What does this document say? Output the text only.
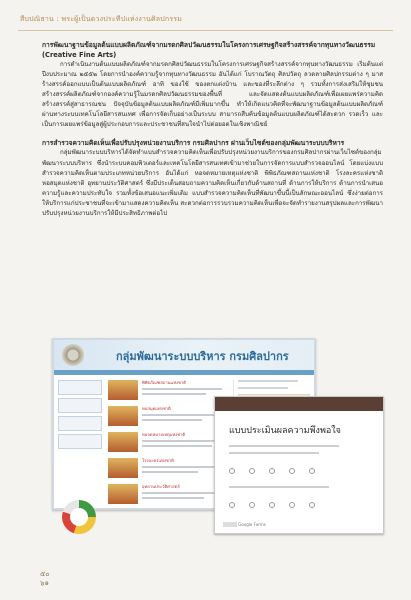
สืบปณิธาน : พระผู้เป็นดวงประทีปแห่งงานศิลปกรรม

การพัฒนาฐานข้อมูลต้นแบบผลิตภัณฑ์จากมรดกศิลปวัฒนธรรมในโครงการเศรษฐกิจสร้างสรรค์จากทุนทางวัฒนธรรม (Creative Fine Arts)

การดำเนินงานต้นแบบผลิตภัณฑ์จากมรดกศิลปวัฒนธรรมในโครงการเศรษฐกิจสร้างสรรค์จากทุนทางวัฒนธรรม เริ่มต้นแต่ปีงบประมาณ ๒๕๕๒ โดยการนำองค์ความรู้จากทุนทางวัฒนธรรม อันได้แก่ โบราณวัตถุ ศิลปวัตถุ ลวดลายศิลปกรรมต่าง ๆ มาสร้างสรรค์ออกแบบเป็นต้นแบบผลิตภัณฑ์ อาทิ ของใช้ ของตกแต่งบ้าน และของที่ระลึกต่าง ๆ รวมทั้งการส่งเสริมให้ชุมชนสร้างสรรค์ผลิตภัณฑ์จากองค์ความรู้ในมรดกศิลปวัฒนธรรมของพื้นที่ และจัดแสดงต้นแบบผลิตภัณฑ์เพื่อเผยแพร่ความคิดสร้างสรรค์สู่สาธารณชน ปัจจุบันข้อมูลต้นแบบผลิตภัณฑ์มีเพิ่มมากขึ้น ทำให้เกิดแนวคิดที่จะพัฒนาฐานข้อมูลต้นแบบผลิตภัณฑ์ผ่านทางระบบเทคโนโลยีสารสนเทศ เพื่อการจัดเก็บอย่างเป็นระบบ สามารถสืบค้นข้อมูลต้นแบบผลิตภัณฑ์ได้สะดวก รวดเร็ว และเป็นการเผยแพร่ข้อมูลสู่ผู้ประกอบการและประชาชนที่สนใจนำไปต่อยอดในเชิงพาณิชย์

การสำรวจความคิดเห็นเพื่อปรับปรุงหน่วยงานบริการ กรมศิลปากร ผ่านเว็บไซต์ของกลุ่มพัฒนาระบบบริหาร

กลุ่มพัฒนาระบบบริหารได้จัดทำแบบสำรวจความคิดเห็นเพื่อปรับปรุงหน่วยงานบริการของกรมศิลปากรผ่านเว็บไซต์ของกลุ่มพัฒนาระบบบริหาร ซึ่งนำระบบคอมพิวเตอร์และเทคโนโลยีสารสนเทศเข้ามาช่วยในการจัดการแบบสำรวจออนไลน์ โดยแบ่งแบบสำรวจความคิดเห็นตามประเภทหน่วยบริการ อันได้แก่ หอจดหมายเหตุแห่งชาติ พิพิธภัณฑสถานแห่งชาติ โรงละครแห่งชาติ หอสมุดแห่งชาติ อุทยานประวัติศาสตร์ ซึ่งมีประเด็นสอบถามความคิดเห็นเกี่ยวกับด้านสถานที่ ด้านการให้บริการ ด้านการนำเสนอความรู้และความประทับใจ รวมทั้งข้อเสนอแนะเพิ่มเติม แบบสำรวจความคิดเห็นที่พัฒนาขึ้นนี้เป็นลักษณะออนไลน์ ซึ่งง่ายต่อการให้บริการแก่ประชาชนที่จะเข้ามาแสดงความคิดเห็น สะดวกต่อการรวบรวมความคิดเห็นเพื่อจะจัดทำรายงานสรุปผลและการพัฒนาปรับปรุงหน่วยงานบริการให้มีประสิทธิภาพต่อไป

กลุ่มพัฒนาระบบบริหาร กรมศิลปากร
พิพิธภัณฑสถานแห่งชาติ
หอสมุดแห่งชาติ
หอจดหมายเหตุแห่งชาติ
โรงละครแห่งชาติ
อุทยานประวัติศาสตร์
แบบประเมินผลความพึงพอใจ
Google Forms
๕๐
๖๑
